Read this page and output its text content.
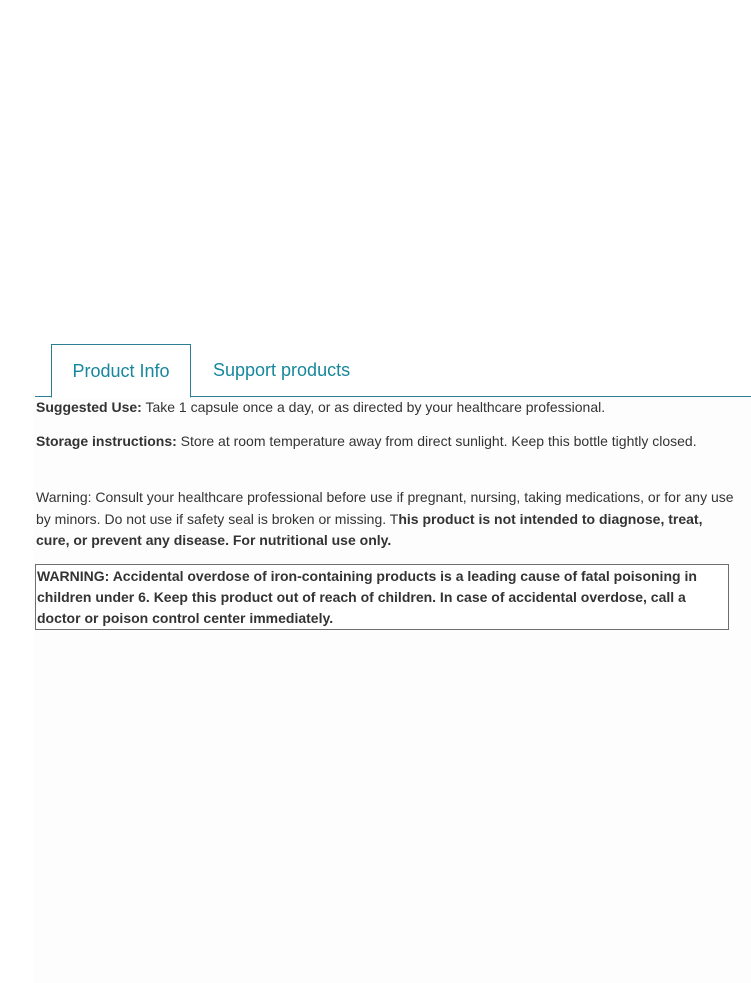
Product Info	Support products

Suggested Use: Take 1 capsule once a day, or as directed by your healthcare professional.

Storage instructions: Store at room temperature away from direct sunlight. Keep this bottle tightly closed.

Warning: Consult your healthcare professional before use if pregnant, nursing, taking medications, or for any use by minors. Do not use if safety seal is broken or missing. This product is not intended to diagnose, treat, cure, or prevent any disease. For nutritional use only.

WARNING: Accidental overdose of iron-containing products is a leading cause of fatal poisoning in children under 6. Keep this product out of reach of children. In case of accidental overdose, call a doctor or poison control center immediately.
